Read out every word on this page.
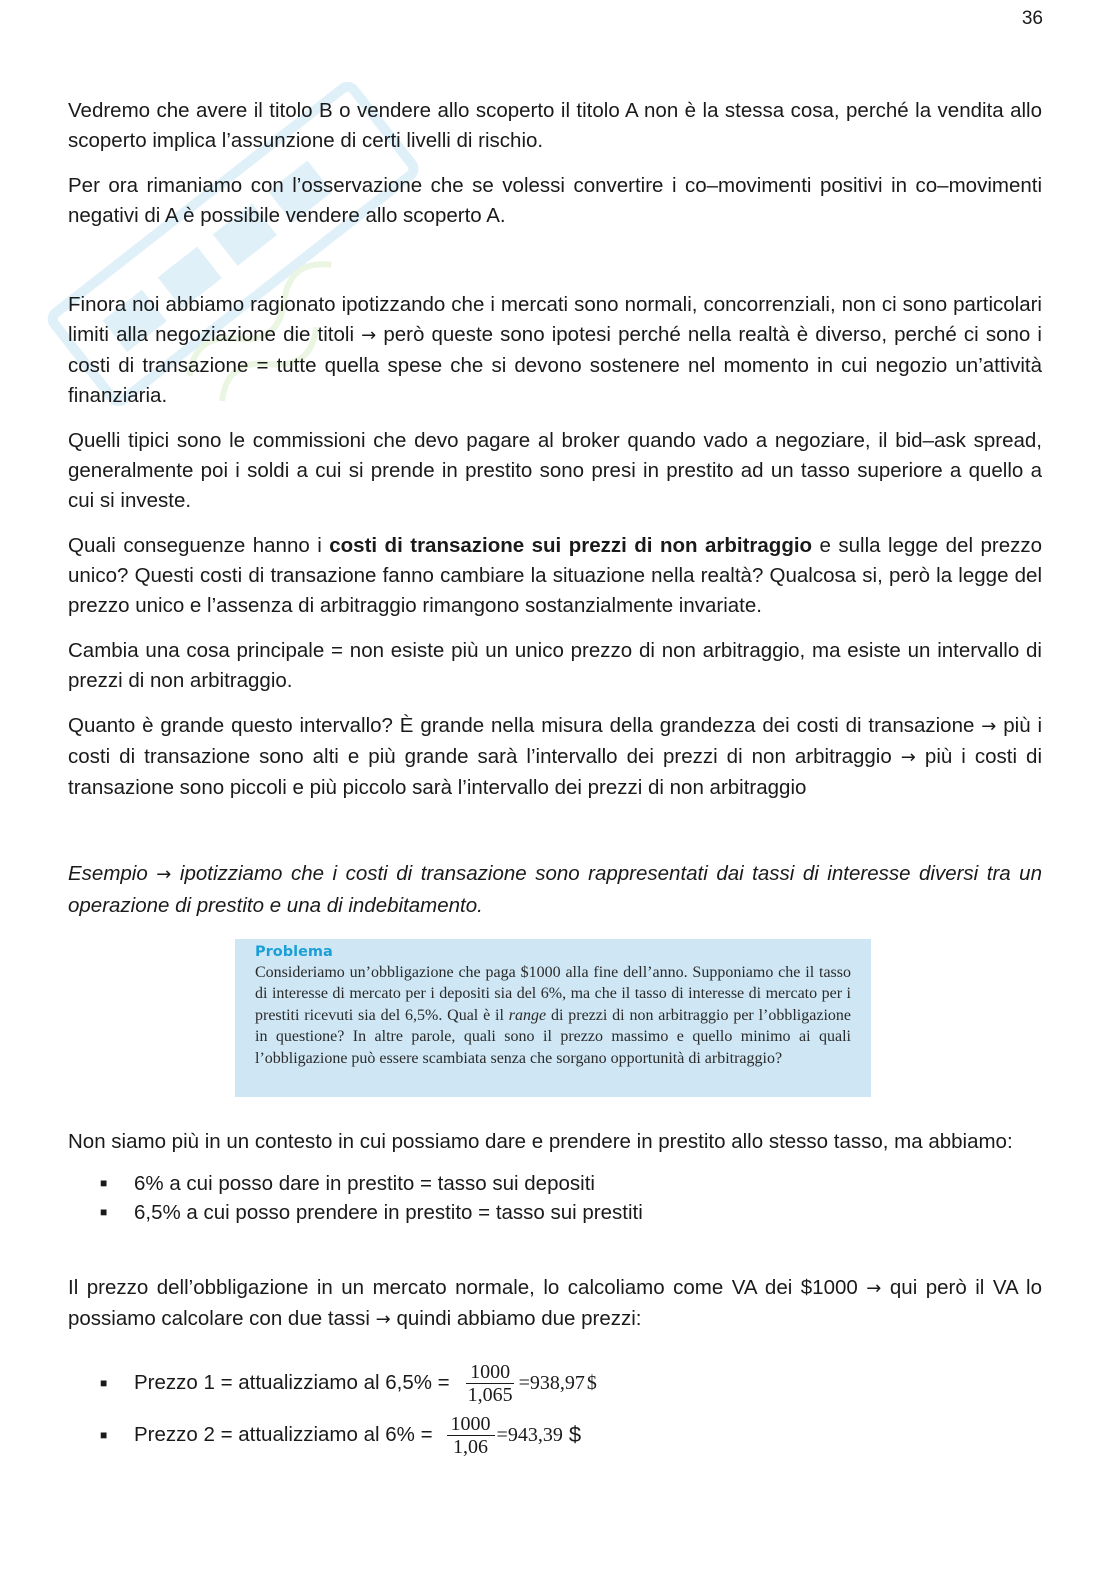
36

Vedremo che avere il titolo B o vendere allo scoperto il titolo A non è la stessa cosa, perché la vendita allo scoperto implica l’assunzione di certi livelli di rischio.

Per ora rimaniamo con l’osservazione che se volessi convertire i co–movimenti positivi in co–movimenti negativi di A è possibile vendere allo scoperto A.

Finora noi abbiamo ragionato ipotizzando che i mercati sono normali, concorrenziali, non ci sono particolari limiti alla negoziazione die titoli → però queste sono ipotesi perché nella realtà è diverso, perché ci sono i costi di transazione = tutte quella spese che si devono sostenere nel momento in cui negozio un’attività finanziaria.

Quelli tipici sono le commissioni che devo pagare al broker quando vado a negoziare, il bid–ask spread, generalmente poi i soldi a cui si prende in prestito sono presi in prestito ad un tasso superiore a quello a cui si investe.

Quali conseguenze hanno i costi di transazione sui prezzi di non arbitraggio e sulla legge del prezzo unico? Questi costi di transazione fanno cambiare la situazione nella realtà? Qualcosa si, però la legge del prezzo unico e l’assenza di arbitraggio rimangono sostanzialmente invariate.

Cambia una cosa principale = non esiste più un unico prezzo di non arbitraggio, ma esiste un intervallo di prezzi di non arbitraggio.

Quanto è grande questo intervallo? È grande nella misura della grandezza dei costi di transazione → più i costi di transazione sono alti e più grande sarà l’intervallo dei prezzi di non arbitraggio → più i costi di transazione sono piccoli e più piccolo sarà l’intervallo dei prezzi di non arbitraggio

Esempio → ipotizziamo che i costi di transazione sono rappresentati dai tassi di interesse diversi tra un operazione di prestito e una di indebitamento.

Problema
Consideriamo un’obbligazione che paga $1000 alla fine dell’anno. Supponiamo che il tasso di interesse di mercato per i depositi sia del 6%, ma che il tasso di interesse di mercato per i prestiti ricevuti sia del 6,5%. Qual è il range di prezzi di non arbitraggio per l’obbligazione in questione? In altre parole, quali sono il prezzo massimo e quello minimo ai quali l’obbligazione può essere scambiata senza che sorgano opportunità di arbitraggio?

Non siamo più in un contesto in cui possiamo dare e prendere in prestito allo stesso tasso, ma abbiamo:

■ 6% a cui posso dare in prestito = tasso sui depositi
■ 6,5% a cui posso prendere in prestito = tasso sui prestiti

Il prezzo dell’obbligazione in un mercato normale, lo calcoliamo come VA dei $1000 → qui però il VA lo possiamo calcolare con due tassi → quindi abbiamo due prezzi:

■ Prezzo 1 = attualizziamo al $6,5\% = \frac{1000}{1,065} =938,97$ $
■ Prezzo 2 = attualizziamo al $6\% = \frac{1000}{1,06} =943,39$ $
